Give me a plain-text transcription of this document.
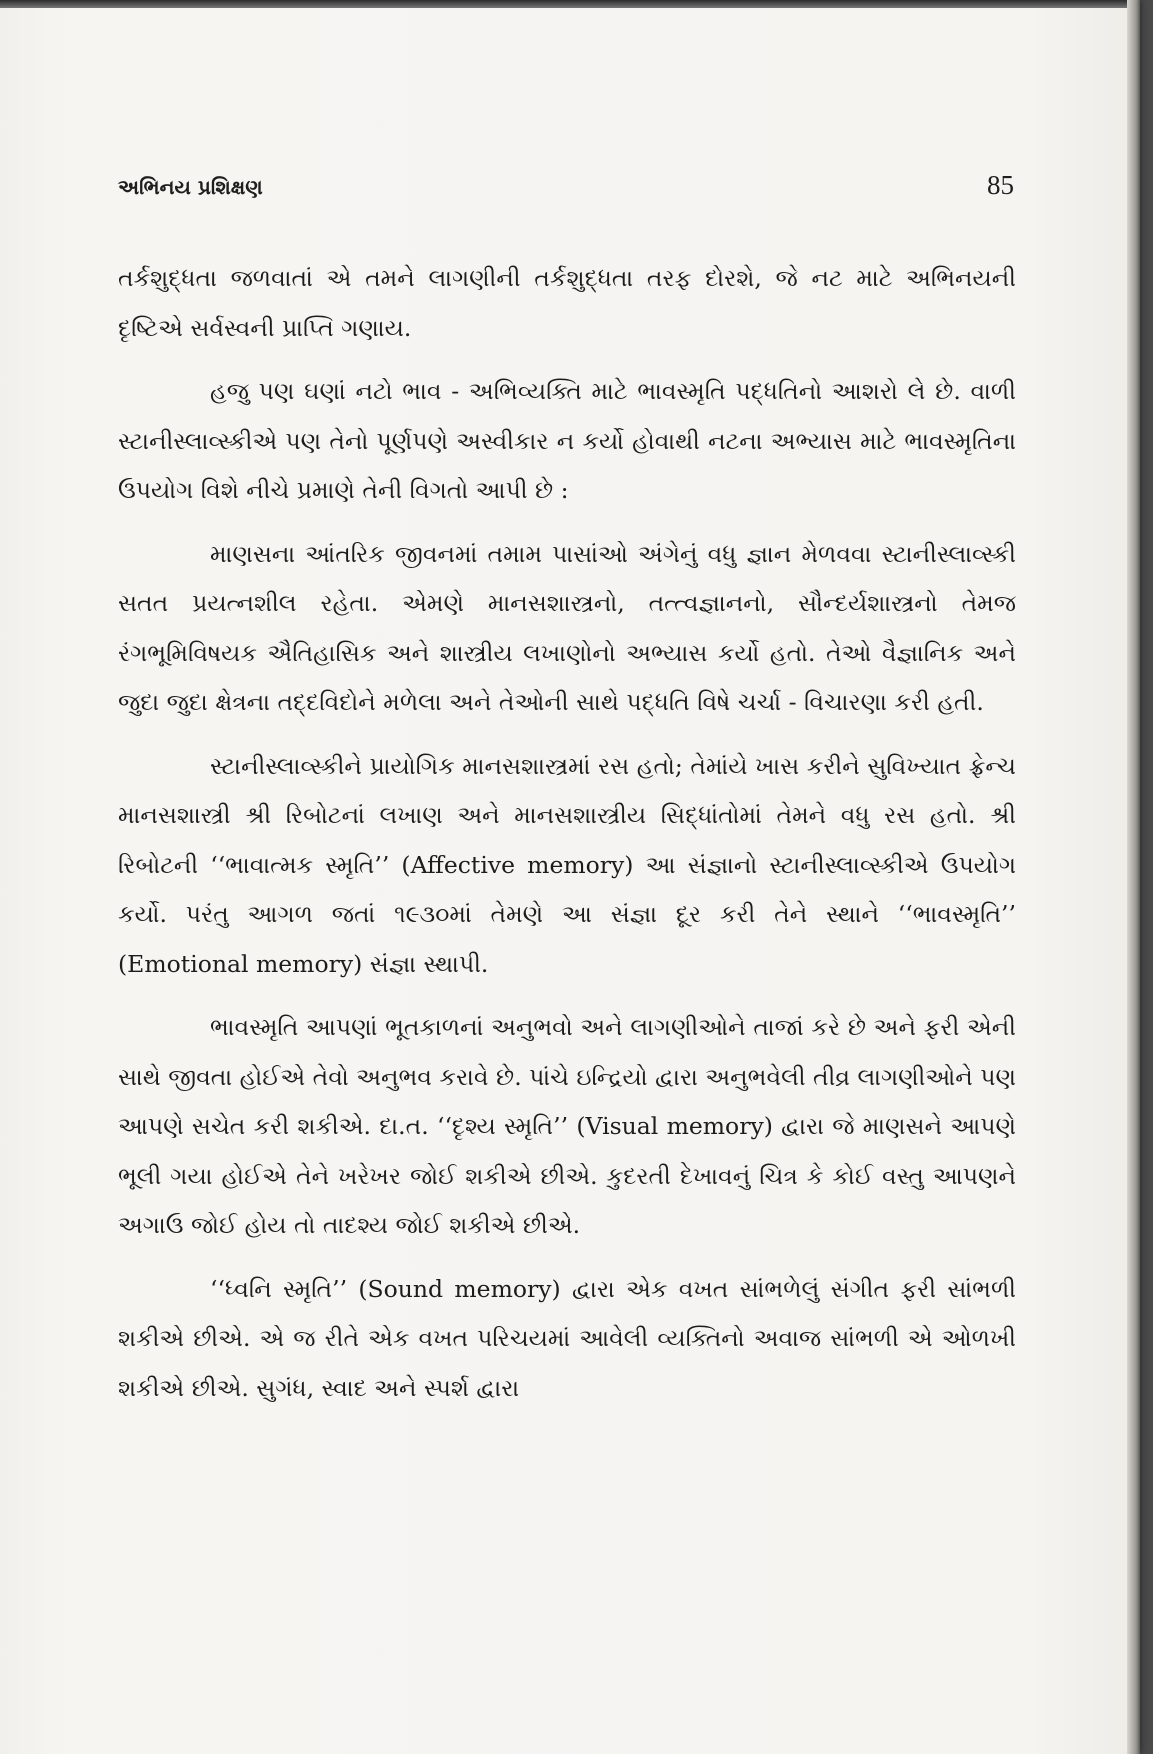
અભિનય પ્રશિક્ષણ	85

તર્કશુદ્ધતા જળવાતાં એ તમને લાગણીની તર્કશુદ્ધતા તરફ દોરશે, જે નટ માટે અભિનયની દૃષ્ટિએ સર્વસ્વની પ્રાપ્તિ ગણાય.

હજુ પણ ઘણાં નટો ભાવ - અભિવ્યક્તિ માટે ભાવસ્મૃતિ પદ્ધતિનો આશરો લે છે. વાળી સ્ટાનીસ્લાવ્સ્કીએ પણ તેનો પૂર્ણપણે અસ્વીકાર ન કર્યો હોવાથી નટના અભ્યાસ માટે ભાવસ્મૃતિના ઉપયોગ વિશે નીચે પ્રમાણે તેની વિગતો આપી છે :

માણસના આંતરિક જીવનમાં તમામ પાસાંઓ અંગેનું વધુ જ્ઞાન મેળવવા સ્ટાનીસ્લાવ્સ્કી સતત પ્રયત્નશીલ રહેતા. એમણે માનસશાસ્ત્રનો, તત્ત્વજ્ઞાનનો, સૌન્દર્યશાસ્ત્રનો તેમજ રંગભૂમિવિષયક ઐતિહાસિક અને શાસ્ત્રીય લખાણોનો અભ્યાસ કર્યો હતો. તેઓ વૈજ્ઞાનિક અને જુદા જુદા ક્ષેત્રના તદ્દવિદોને મળેલા અને તેઓની સાથે પદ્ધતિ વિષે ચર્ચા - વિચારણા કરી હતી.

સ્ટાનીસ્લાવ્સ્કીને પ્રાયોગિક માનસશાસ્ત્રમાં રસ હતો; તેમાંયે ખાસ કરીને સુવિખ્યાત ફ્રેન્ચ માનસશાસ્ત્રી શ્રી રિબોટનાં લખાણ અને માનસશાસ્ત્રીય સિદ્ધાંતોમાં તેમને વધુ રસ હતો. શ્રી રિબોટની ‘‘ભાવાત્મક સ્મૃતિ’’ (Affective memory) આ સંજ્ઞાનો સ્ટાનીસ્લાવ્સ્કીએ ઉપયોગ કર્યો. પરંતુ આગળ જતાં ૧૯૩૦માં તેમણે આ સંજ્ઞા દૂર કરી તેને સ્થાને ‘‘ભાવસ્મૃતિ’’ (Emotional memory) સંજ્ઞા સ્થાપી.

ભાવસ્મૃતિ આપણાં ભૂતકાળનાં અનુભવો અને લાગણીઓને તાજાં કરે છે અને ફરી એની સાથે જીવતા હોઈએ તેવો અનુભવ કરાવે છે. પાંચે ઇન્દ્રિયો દ્વારા અનુભવેલી તીવ્ર લાગણીઓને પણ આપણે સચેત કરી શકીએ. દા.ત. ‘‘દૃશ્ય સ્મૃતિ’’ (Visual memory) દ્વારા જે માણસને આપણે ભૂલી ગયા હોઈએ તેને ખરેખર જોઈ શકીએ છીએ. કુદરતી દેખાવનું ચિત્ર કે કોઈ વસ્તુ આપણને અગાઉ જોઈ હોય તો તાદશ્ય જોઈ શકીએ છીએ.

‘‘ધ્વનિ સ્મૃતિ’’ (Sound memory) દ્વારા એક વખત સાંભળેલું સંગીત ફરી સાંભળી શકીએ છીએ. એ જ રીતે એક વખત પરિચયમાં આવેલી વ્યક્તિનો અવાજ સાંભળી એ ઓળખી શકીએ છીએ. સુગંધ, સ્વાદ અને સ્પર્શ દ્વારા
